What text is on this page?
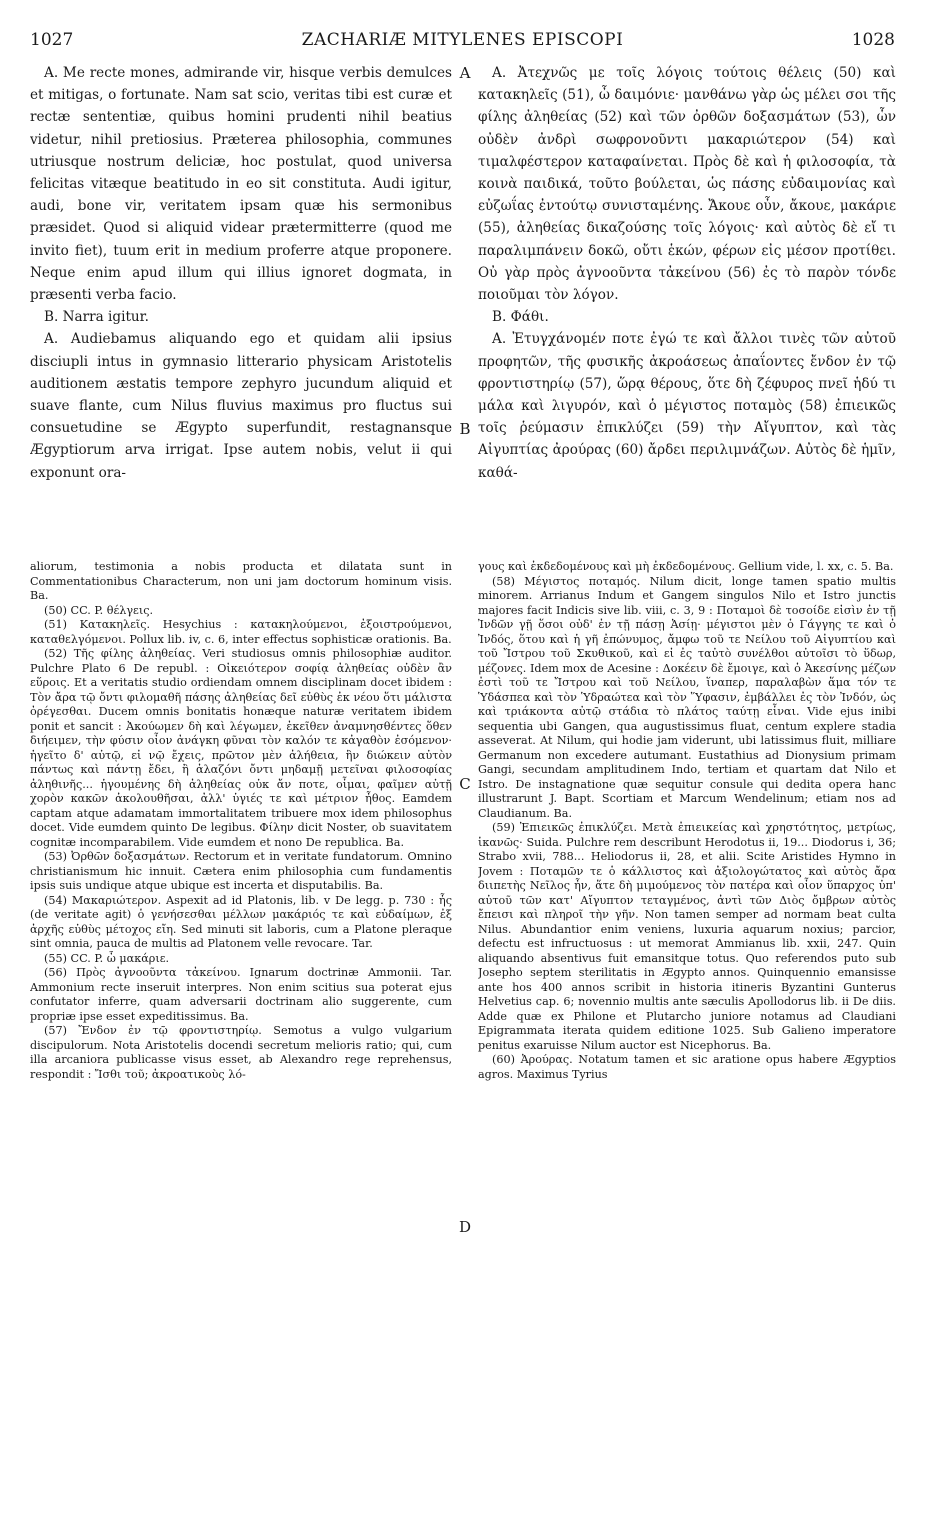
1027	ZACHARIÆ MITYLENES EPISCOPI	1028

A. Me recte mones, admirande vir, hisque verbis demulces et mitigas, o fortunate. Nam sat scio, veritas tibi est curæ et rectæ sententiæ, quibus homini prudenti nihil beatius videtur, nihil pretiosius. Præterea philosophia, communes utriusque nostrum deliciæ, hoc postulat, quod universa felicitas vitæque beatitudo in eo sit constituta. Audi igitur, audi, bone vir, veritatem ipsam quæ his sermonibus præsidet. Quod si aliquid videar prætermitterre (quod me invito fiet), tuum erit in medium proferre atque proponere. Neque enim apud illum qui illius ignoret dogmata, in præsenti verba facio.

B. Narra igitur.

A. Audiebamus aliquando ego et quidam alii ipsius disciupli intus in gymnasio litterario physicam Aristotelis auditionem æstatis tempore zephyro jucundum aliquid et suave flante, cum Nilus fluvius maximus pro fluctus sui consuetudine se Ægypto superfundit, restagnansque Ægyptiorum arva irrigat. Ipse autem nobis, velut ii qui exponunt ora-

A
B
C
D

A. Ἀτεχνῶς με τοῖς λόγοις τούτοις θέλεις (50) καὶ κατακηλεῖς (51), ὦ δαιμόνιε· μανθάνω γὰρ ὡς μέλει σοι τῆς φίλης ἀληθείας (52) καὶ τῶν ὀρθῶν δοξασμάτων (53), ὧν οὐδὲν ἀνδρὶ σωφρονοῦντι μακαριώτερον (54) καὶ τιμαλφέστερον καταφαίνεται. Πρὸς δὲ καὶ ἡ φιλοσοφία, τὰ κοινὰ παιδικά, τοῦτο βούλεται, ὡς πάσης εὐδαιμονίας καὶ εὐζωΐας ἐντούτῳ συνισταμένης. Ἄκουε οὖν, ἄκουε, μακάριε (55), ἀληθείας δικαζούσης τοῖς λόγοις· καὶ αὐτὸς δὲ εἴ τι παραλιμπάνειν δοκῶ, οὔτι ἑκών, φέρων εἰς μέσον προτίθει. Οὐ γὰρ πρὸς ἀγνοοῦντα τἀκείνου (56) ἐς τὸ παρὸν τόνδε ποιοῦμαι τὸν λόγον.

B. Φάθι.

A. Ἐτυγχάνομέν ποτε ἐγώ τε καὶ ἄλλοι τινὲς τῶν αὐτοῦ προφητῶν, τῆς φυσικῆς ἀκροάσεως ἀπαΐοντες ἔνδον ἐν τῷ φροντιστηρίῳ (57), ὥρᾳ θέρους, ὅτε δὴ ζέφυρος πνεῖ ἡδύ τι μάλα καὶ λιγυρόν, καὶ ὁ μέγιστος ποταμὸς (58) ἐπιεικῶς τοῖς ῥεύμασιν ἐπικλύζει (59) τὴν Αἴγυπτον, καὶ τὰς Αἰγυπτίας ἀρούρας (60) ἄρδει περιλιμνάζων. Αὐτὸς δὲ ἡμῖν, καθά-

aliorum, testimonia a nobis producta et dilatata sunt in Commentationibus Characterum, non uni jam doctorum hominum visis. Ba.

(50) CC. P. θέλγεις.

(51) Κατακηλεῖς. Hesychius : κατακηλούμενοι, ἐξοιστρούμενοι, καταθελγόμενοι. Pollux lib. iv, c. 6, inter effectus sophisticæ orationis. Ba.

(52) Τῆς φίλης ἀληθείας. Veri studiosus omnis philosophiæ auditor. Pulchre Plato 6 De republ. : Οἰκειότερον σοφίᾳ ἀληθείας οὐδὲν ἂν εὕροις. Et a veritatis studio ordiendam omnem disciplinam docet ibidem : Τὸν ἄρα τῷ ὄντι φιλομαθῆ πάσης ἀληθείας δεῖ εὐθὺς ἐκ νέου ὅτι μάλιστα ὀρέγεσθαι. Ducem omnis bonitatis honæque naturæ veritatem ibidem ponit et sancit : Ἀκούωμεν δὴ καὶ λέγωμεν, ἐκεῖθεν ἀναμνησθέντες ὅθεν διήειμεν, τὴν φύσιν οἷον ἀνάγκη φῦναι τὸν καλόν τε κἀγαθὸν ἐσόμενον· ἡγεῖτο δ' αὐτῷ, εἰ νῷ ἔχεις, πρῶτον μὲν ἀλήθεια, ἣν διώκειν αὐτὸν πάντως καὶ πάντῃ ἔδει, ἢ ἀλαζόνι ὄντι μηδαμῇ μετεῖναι φιλοσοφίας ἀληθινῆς... ἡγουμένης δὴ ἀληθείας οὐκ ἄν ποτε, οἶμαι, φαῖμεν αὐτῇ χορὸν κακῶν ἀκολουθῆσαι, ἀλλ' ὑγιές τε καὶ μέτριον ἦθος. Eamdem captam atque adamatam immortalitatem tribuere mox idem philosophus docet. Vide eumdem quinto De legibus. Φίλην dicit Noster, ob suavitatem cognitæ incomparabilem. Vide eumdem et nono De republica. Ba.

(53) Ὀρθῶν δοξασμάτων. Rectorum et in veritate fundatorum. Omnino christianismum hic innuit. Cætera enim philosophia cum fundamentis ipsis suis undique atque ubique est incerta et disputabilis. Ba.

(54) Μακαριώτερον. Aspexit ad id Platonis, lib. v De legg. p. 730 : ἧς (de veritate agit) ὁ γενήσεσθαι μέλλων μακάριός τε καὶ εὐδαίμων, ἐξ ἀρχῆς εὐθὺς μέτοχος εἴη. Sed minuti sit laboris, cum a Platone pleraque sint omnia, pauca de multis ad Platonem velle revocare. Tar.

(55) CC. P. ὦ μακάριε.

(56) Πρὸς ἀγνοοῦντα τἀκείνου. Ignarum doctrinæ Ammonii. Tar. Ammonium recte inseruit interpres. Non enim scitius sua poterat ejus confutator inferre, quam adversarii doctrinam alio suggerente, cum propriæ ipse esset expeditissimus. Ba.

(57) Ἔνδον ἐν τῷ φροντιστηρίῳ. Semotus a vulgo vulgarium discipulorum. Nota Aristotelis docendi secretum melioris ratio; qui, cum illa arcaniora publicasse visus esset, ab Alexandro rege reprehensus, respondit : Ἴσθι τοῦ; ἀκροατικοὺς λό-

γους καὶ ἐκδεδομένους καὶ μὴ ἐκδεδομένους. Gellium vide, l. xx, c. 5. Ba.

(58) Μέγιστος ποταμός. Nilum dicit, longe tamen spatio multis minorem. Arrianus Indum et Gangem singulos Nilo et Istro junctis majores facit Indicis sive lib. viii, c. 3, 9 : Ποταμοὶ δὲ τοσοίδε εἰσὶν ἐν τῇ Ἰνδῶν γῇ ὅσοι οὐδ' ἐν τῇ πάσῃ Ἀσίῃ· μέγιστοι μὲν ὁ Γάγγης τε καὶ ὁ Ἰνδός, ὅτου καὶ ἡ γῆ ἐπώνυμος, ἄμφω τοῦ τε Νείλου τοῦ Αἰγυπτίου καὶ τοῦ Ἴστρου τοῦ Σκυθικοῦ, καὶ εἰ ἐς ταὐτὸ συνέλθοι αὐτοῖσι τὸ ὕδωρ, μέζονες. Idem mox de Acesine : Δοκέειν δὲ ἔμοιγε, καὶ ὁ Ἀκεσίνης μέζων ἐστὶ τοῦ τε Ἴστρου καὶ τοῦ Νείλου, ἵναπερ, παραλαβὼν ἅμα τόν τε Ὑδάσπεα καὶ τὸν Ὑδραώτεα καὶ τὸν Ὕφασιν, ἐμβάλλει ἐς τὸν Ἰνδόν, ὡς καὶ τριάκοντα αὐτῷ στάδια τὸ πλάτος ταύτῃ εἶναι. Vide ejus inibi sequentia ubi Gangen, qua augustissimus fluat, centum explere stadia asseverat. At Nilum, qui hodie jam viderunt, ubi latissimus fluit, milliare Germanum non excedere autumant. Eustathius ad Dionysium primam Gangi, secundam amplitudinem Indo, tertiam et quartam dat Nilo et Istro. De instagnatione quæ sequitur consule qui dedita opera hanc illustrarunt J. Bapt. Scortiam et Marcum Wendelinum; etiam nos ad Claudianum. Ba.

(59) Ἐπιεικῶς ἐπικλύζει. Μετὰ ἐπιεικείας καὶ χρηστότητος, μετρίως, ἱκανῶς· Suida. Pulchre rem describunt Herodotus ii, 19... Diodorus i, 36; Strabo xvii, 788... Heliodorus ii, 28, et alii. Scite Aristides Hymno in Jovem : Ποταμῶν τε ὁ κάλλιστος καὶ ἀξιολογώτατος καὶ αὐτὸς ἄρα διιπετὴς Νεῖλος ἦν, ἅτε δὴ μιμούμενος τὸν πατέρα καὶ οἷον ὕπαρχος ὑπ' αὐτοῦ τῶν κατ' Αἴγυπτον τεταγμένος, ἀντὶ τῶν Διὸς ὄμβρων αὐτὸς ἔπεισι καὶ πληροῖ τὴν γῆν. Non tamen semper ad normam beat culta Nilus. Abundantior enim veniens, luxuria aquarum noxius; parcior, defectu est infructuosus : ut memorat Ammianus lib. xxii, 247. Quin aliquando absentivus fuit emansitque totus. Quo referendos puto sub Josepho septem sterilitatis in Ægypto annos. Quinquennio emansisse ante hos 400 annos scribit in historia itineris Byzantini Gunterus Helvetius cap. 6; novennio multis ante sæculis Apollodorus lib. ii De diis. Adde quæ ex Philone et Plutarcho juniore notamus ad Claudiani Epigrammata iterata quidem editione 1025. Sub Galieno imperatore penitus exaruisse Nilum auctor est Nicephorus. Ba.

(60) Ἀρούρας. Notatum tamen et sic aratione opus habere Ægyptios agros. Maximus Tyrius
